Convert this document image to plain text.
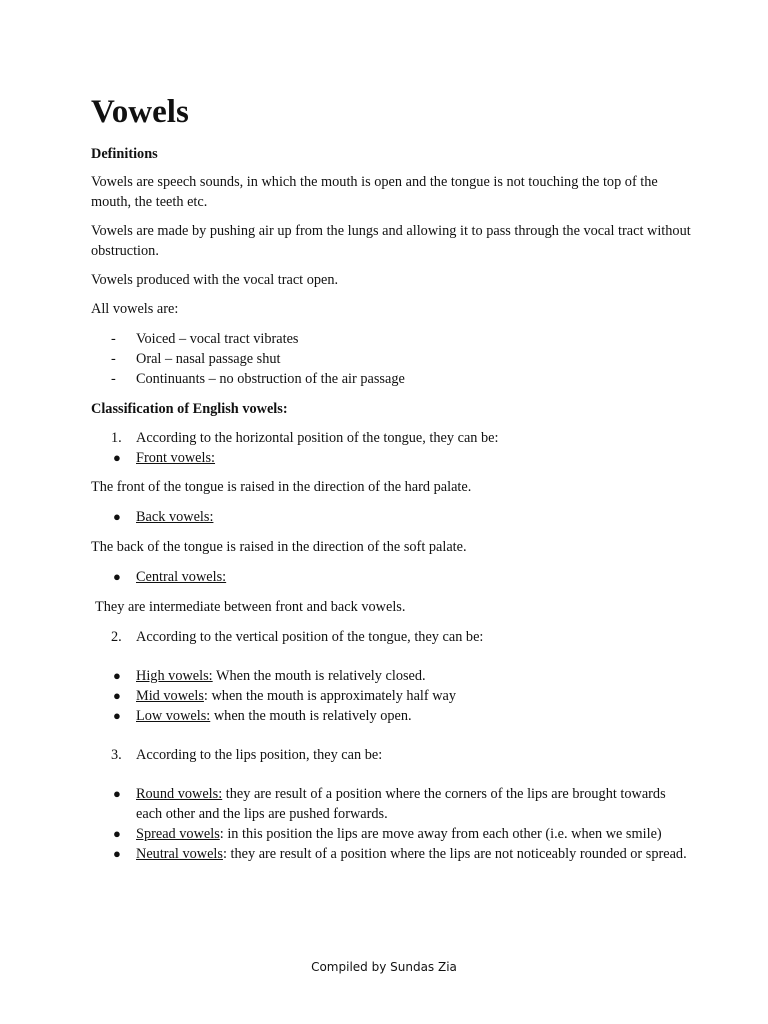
Vowels
Definitions

Vowels are speech sounds, in which the mouth is open and the tongue is not touching the top of the mouth, the teeth etc.

Vowels are made by pushing air up from the lungs and allowing it to pass through the vocal tract without obstruction.

Vowels produced with the vocal tract open.

All vowels are:

- Voiced – vocal tract vibrates
- Oral – nasal passage shut
- Continuants – no obstruction of the air passage
Classification of English vowels:
1. According to the horizontal position of the tongue, they can be:
● Front vowels:

The front of the tongue is raised in the direction of the hard palate.

● Back vowels:

The back of the tongue is raised in the direction of the soft palate.

● Central vowels:

They are intermediate between front and back vowels.

2. According to the vertical position of the tongue, they can be:
● High vowels: When the mouth is relatively closed.
● Mid vowels: when the mouth is approximately half way
● Low vowels: when the mouth is relatively open.
3. According to the lips position, they can be:
● Round vowels: they are result of a position where the corners of the lips are brought towards each other and the lips are pushed forwards.
● Spread vowels: in this position the lips are move away from each other (i.e. when we smile)
● Neutral vowels: they are result of a position where the lips are not noticeably rounded or spread.
Compiled by Sundas Zia
